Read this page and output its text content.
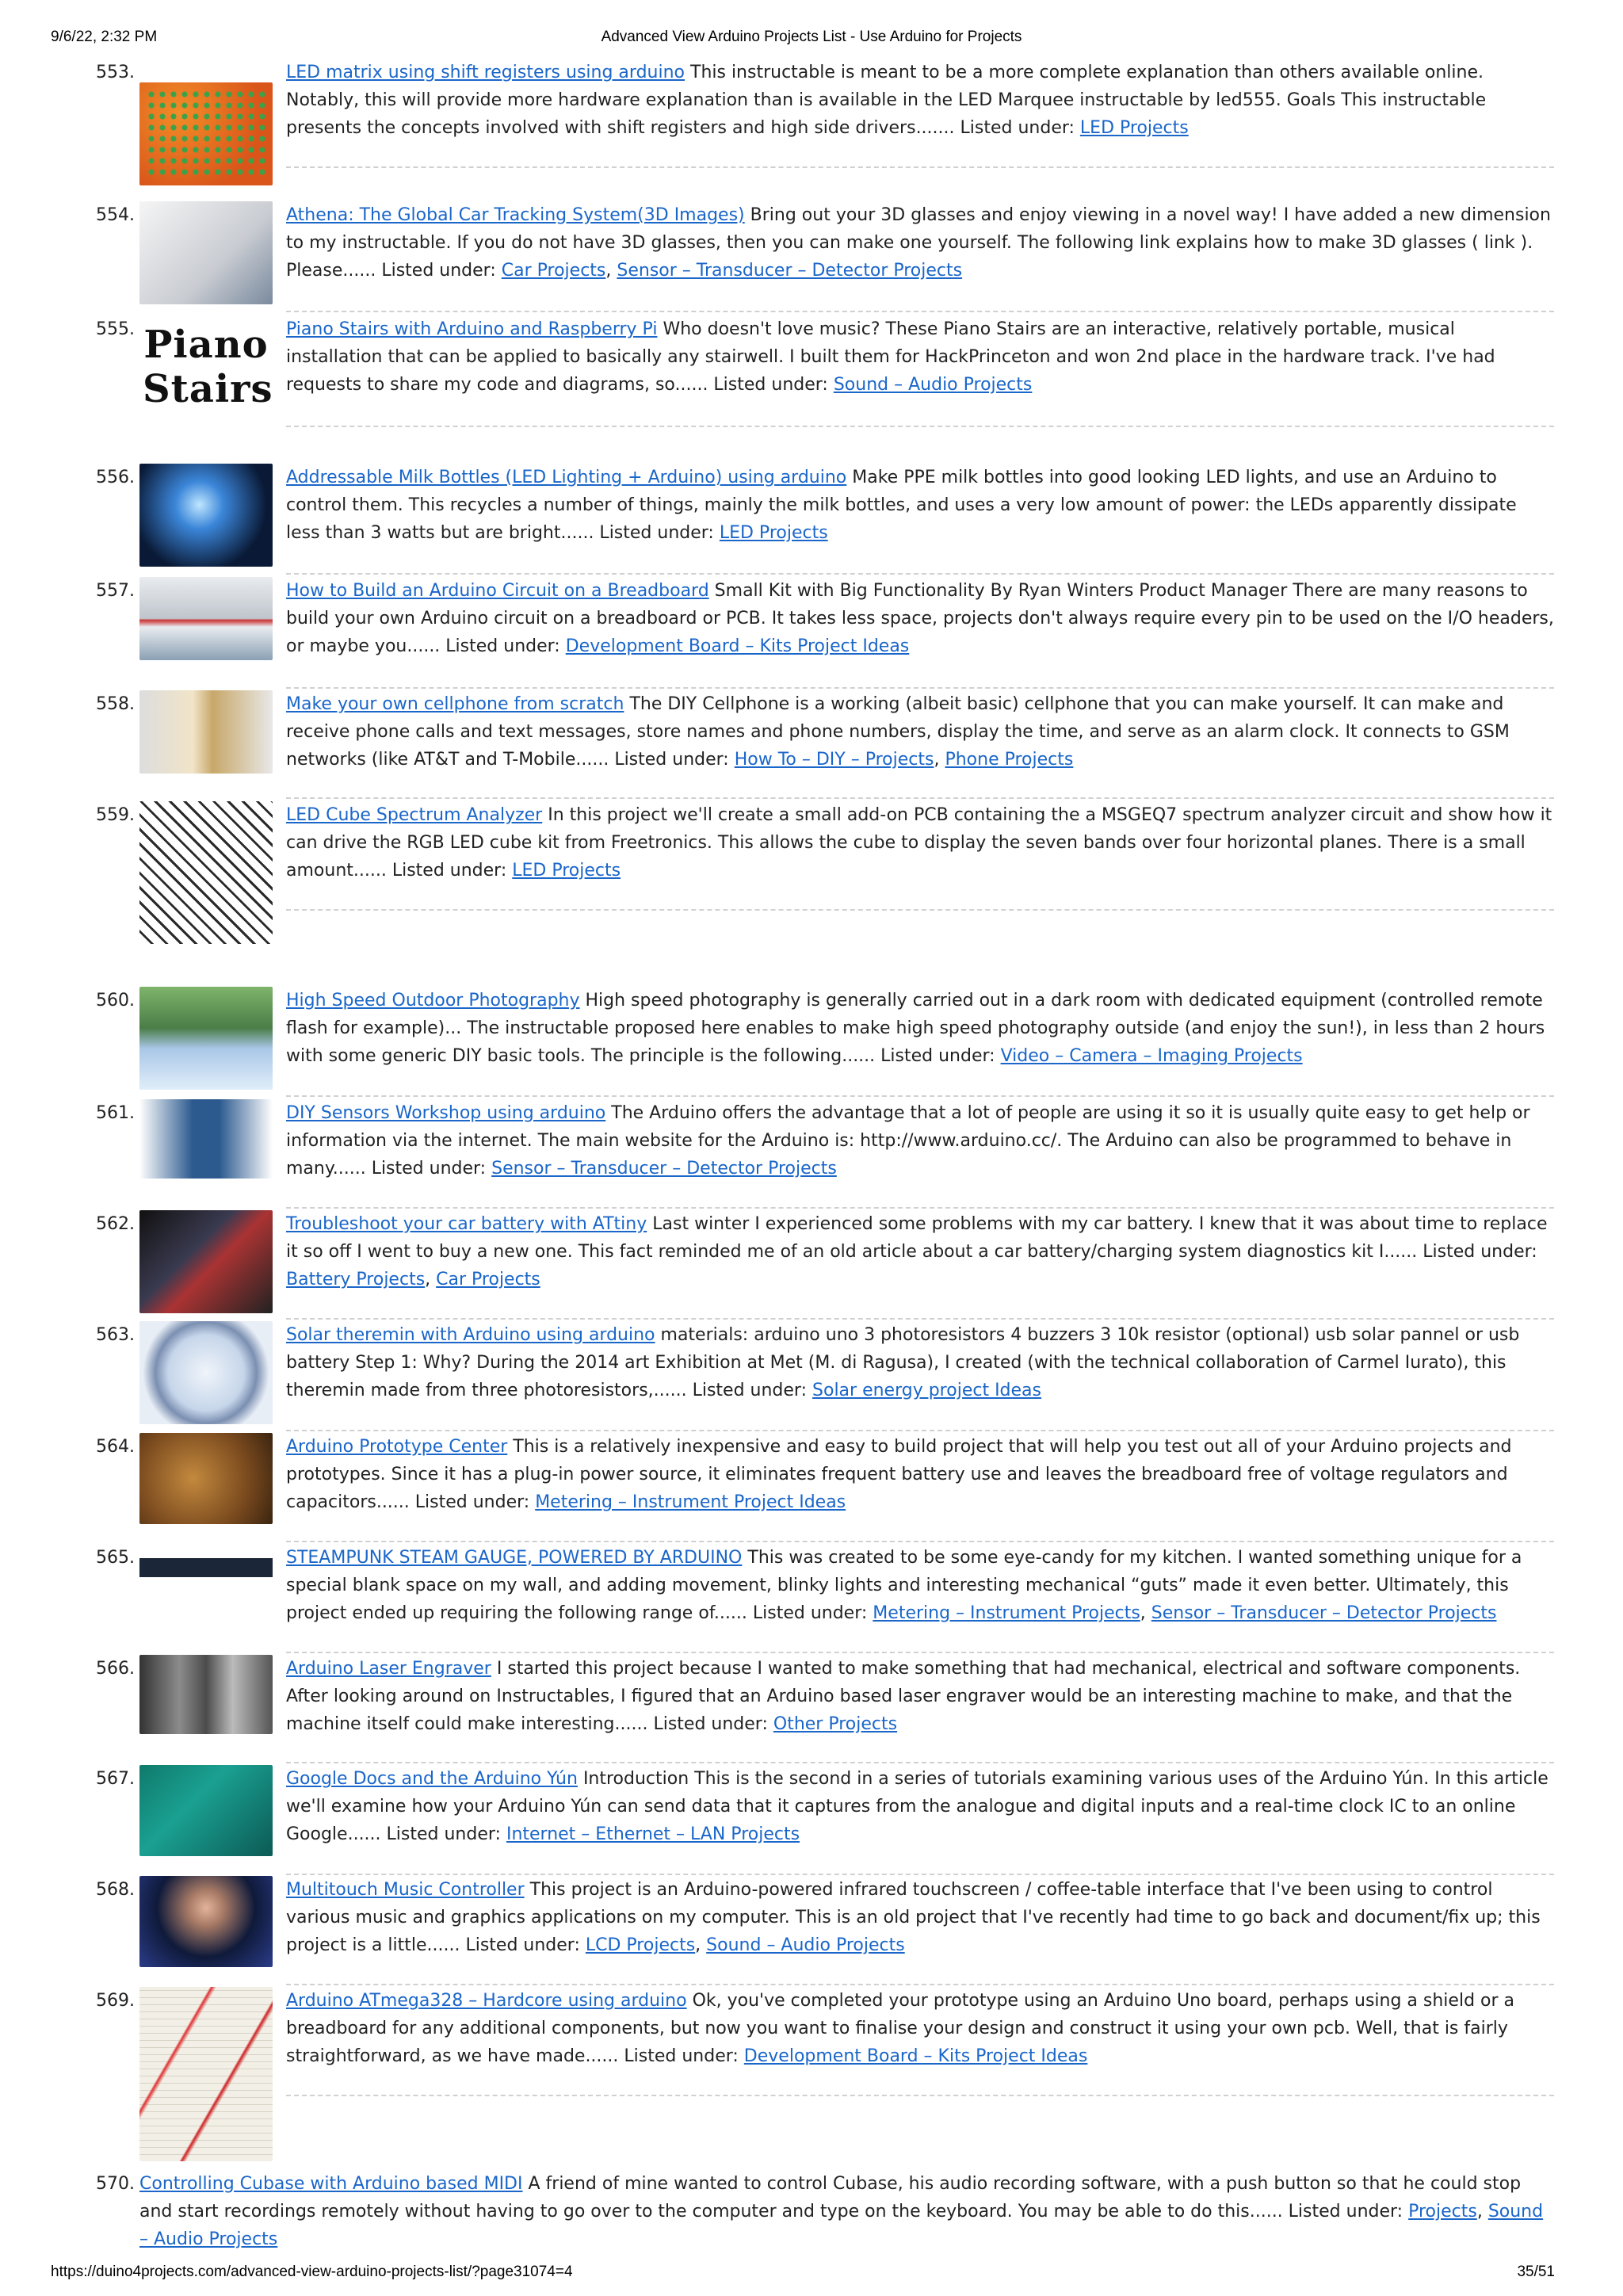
9/6/22, 2:32 PM	Advanced View Arduino Projects List - Use Arduino for Projects
553.	LED matrix using shift registers using arduino This instructable is meant to be a more complete explanation than others available online. Notably, this will provide more hardware explanation than is available in the LED Marquee instructable by led555. Goals This instructable presents the concepts involved with shift registers and high side drivers....... Listed under: LED Projects
554.	Athena: The Global Car Tracking System(3D Images) Bring out your 3D glasses and enjoy viewing in a novel way! I have added a new dimension to my instructable. If you do not have 3D glasses, then you can make one yourself. The following link explains how to make 3D glasses ( link ). Please...... Listed under: Car Projects, Sensor – Transducer – Detector Projects
555. Piano Stairs
Piano Stairs with Arduino and Raspberry Pi Who doesn't love music? These Piano Stairs are an interactive, relatively portable, musical installation that can be applied to basically any stairwell. I built them for HackPrinceton and won 2nd place in the hardware track. I've had requests to share my code and diagrams, so...... Listed under: Sound – Audio Projects
556.	Addressable Milk Bottles (LED Lighting + Arduino) using arduino Make PPE milk bottles into good looking LED lights, and use an Arduino to control them. This recycles a number of things, mainly the milk bottles, and uses a very low amount of power: the LEDs apparently dissipate less than 3 watts but are bright...... Listed under: LED Projects
557.	How to Build an Arduino Circuit on a Breadboard Small Kit with Big Functionality By Ryan Winters Product Manager There are many reasons to build your own Arduino circuit on a breadboard or PCB. It takes less space, projects don't always require every pin to be used on the I/O headers, or maybe you...... Listed under: Development Board – Kits Project Ideas
558.	Make your own cellphone from scratch The DIY Cellphone is a working (albeit basic) cellphone that you can make yourself. It can make and receive phone calls and text messages, store names and phone numbers, display the time, and serve as an alarm clock. It connects to GSM networks (like AT&T and T-Mobile...... Listed under: How To – DIY – Projects, Phone Projects
559.	LED Cube Spectrum Analyzer In this project we'll create a small add-on PCB containing the a MSGEQ7 spectrum analyzer circuit and show how it can drive the RGB LED cube kit from Freetronics. This allows the cube to display the seven bands over four horizontal planes. There is a small amount...... Listed under: LED Projects
560.	High Speed Outdoor Photography High speed photography is generally carried out in a dark room with dedicated equipment (controlled remote flash for example)... The instructable proposed here enables to make high speed photography outside (and enjoy the sun!), in less than 2 hours with some generic DIY basic tools. The principle is the following...... Listed under: Video – Camera – Imaging Projects
561.	DIY Sensors Workshop using arduino The Arduino offers the advantage that a lot of people are using it so it is usually quite easy to get help or information via the internet. The main website for the Arduino is: http://www.arduino.cc/. The Arduino can also be programmed to behave in many...... Listed under: Sensor – Transducer – Detector Projects
562.	Troubleshoot your car battery with ATtiny Last winter I experienced some problems with my car battery. I knew that it was about time to replace it so off I went to buy a new one. This fact reminded me of an old article about a car battery/charging system diagnostics kit I...... Listed under: Battery Projects, Car Projects
563.	Solar theremin with Arduino using arduino materials: arduino uno 3 photoresistors 4 buzzers 3 10k resistor (optional) usb solar pannel or usb battery Step 1: Why? During the 2014 art Exhibition at Met (M. di Ragusa), I created (with the technical collaboration of Carmel Iurato), this theremin made from three photoresistors,...... Listed under: Solar energy project Ideas
564.	Arduino Prototype Center This is a relatively inexpensive and easy to build project that will help you test out all of your Arduino projects and prototypes. Since it has a plug-in power source, it eliminates frequent battery use and leaves the breadboard free of voltage regulators and capacitors...... Listed under: Metering – Instrument Project Ideas
565.	STEAMPUNK STEAM GAUGE, POWERED BY ARDUINO This was created to be some eye-candy for my kitchen. I wanted something unique for a special blank space on my wall, and adding movement, blinky lights and interesting mechanical “guts” made it even better. Ultimately, this project ended up requiring the following range of...... Listed under: Metering – Instrument Projects, Sensor – Transducer – Detector Projects
566.	Arduino Laser Engraver I started this project because I wanted to make something that had mechanical, electrical and software components. After looking around on Instructables, I figured that an Arduino based laser engraver would be an interesting machine to make, and that the machine itself could make interesting...... Listed under: Other Projects
567.	Google Docs and the Arduino Yún Introduction This is the second in a series of tutorials examining various uses of the Arduino Yún. In this article we'll examine how your Arduino Yún can send data that it captures from the analogue and digital inputs and a real-time clock IC to an online Google...... Listed under: Internet – Ethernet – LAN Projects
568.	Multitouch Music Controller This project is an Arduino-powered infrared touchscreen / coffee-table interface that I've been using to control various music and graphics applications on my computer. This is an old project that I've recently had time to go back and document/fix up; this project is a little...... Listed under: LCD Projects, Sound – Audio Projects
569.	Arduino ATmega328 – Hardcore using arduino Ok, you've completed your prototype using an Arduino Uno board, perhaps using a shield or a breadboard for any additional components, but now you want to finalise your design and construct it using your own pcb. Well, that is fairly straightforward, as we have made...... Listed under: Development Board – Kits Project Ideas
570. Controlling Cubase with Arduino based MIDI A friend of mine wanted to control Cubase, his audio recording software, with a push button so that he could stop and start recordings remotely without having to go over to the computer and type on the keyboard. You may be able to do this...... Listed under: Projects, Sound – Audio Projects
https://duino4projects.com/advanced-view-arduino-projects-list/?page31074=4	35/51
